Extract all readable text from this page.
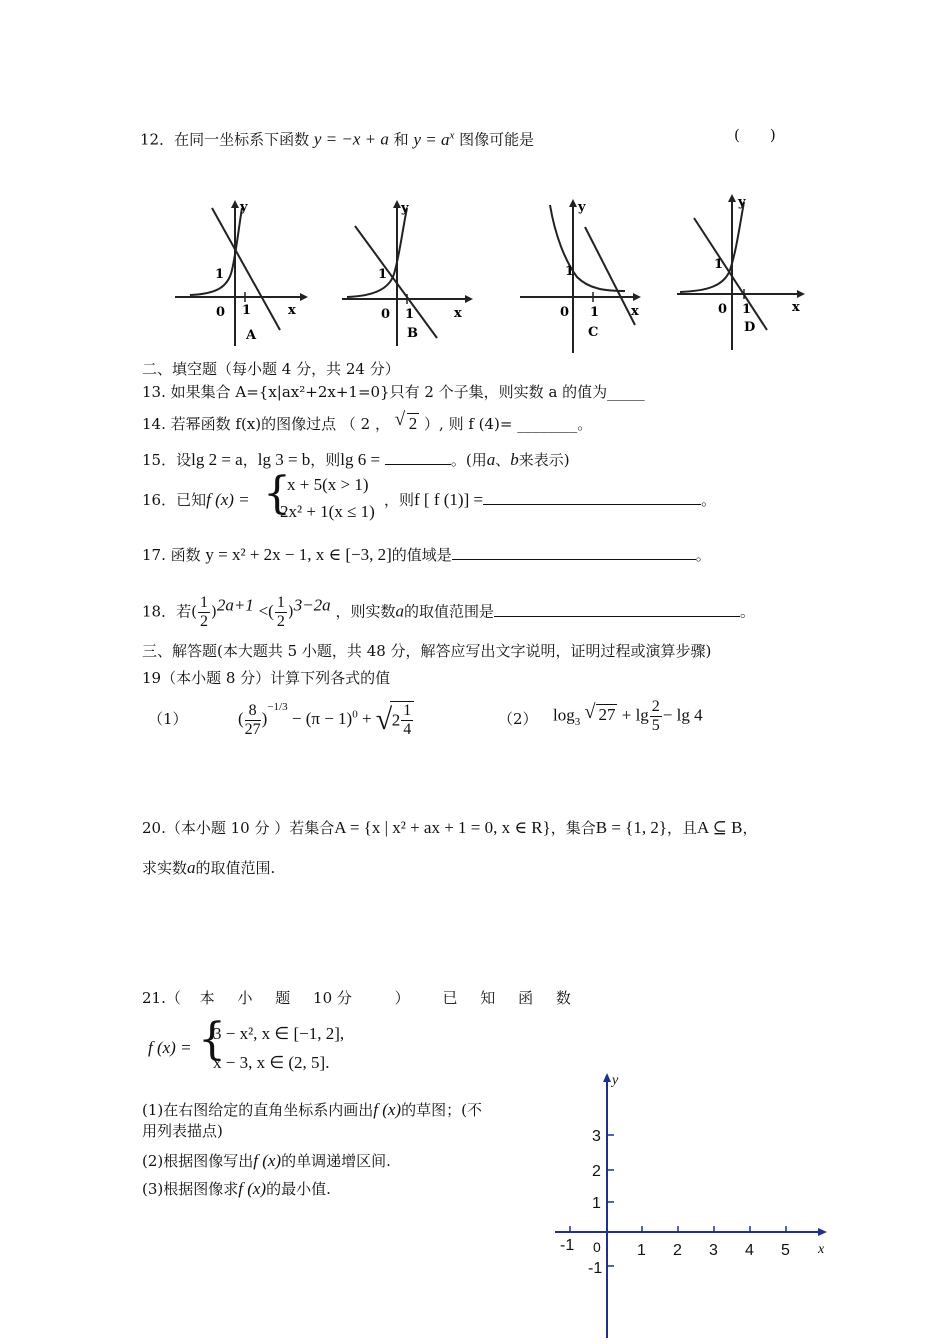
12．在同一坐标系下函数 y = −x + a 和 $y = a^x$ 图像可能是	(　　)
y
x
1
0 1
A
y
x
1
0 1
B
y
x
1
0 1
C
y
x
1
0 1
D
二、填空题（每小题 4 分，共 24 分）
13. 如果集合 A={x|ax²+2x+1=0}只有 2 个子集，则实数 a 的值为_____
14. 若幂函数 f(x)的图像过点 （ 2 ， √ 2 ）, 则 f (4)= ________。
15．设lg 2 = a，lg 3 = b，则lg 6 =	。(用a、b来表示)
16．已知f (x) = {
x + 5(x > 1)
2x² + 1(x ≤ 1)
，则f [ f (1)] =	。
17. 函数 y = x² + 2x − 1, x ∈ [−3, 2]的值域是	。
18．若( $\frac{1}{2} )^{2a+1}$ <( $\frac{1}{2} )^{3-2a}$ ，则实数a的取值范围是	。
三、解答题(本大题共 5 小题，共 48 分，解答应写出文字说明，证明过程或演算步骤)
19（本小题 8 分）计算下列各式的值
（1）	( $\frac{8}{27} )^{-1/3} - (\pi - 1)^0$ + √ $2 \frac{1}{4}$	（2） $\log_3$ √ $27 + \lg \frac{2}{5} - \lg 4$
20.（本小题 10 分 ）若集合A = {x | x² + ax + 1 = 0, x ∈ R}，集合B = {1, 2}，且A ⊆ B，
求实数a的取值范围.
21.（ 本 小 题 10 分	） 已 知 函 数
f (x) = {
3 − x², x ∈ [−1, 2],
x − 3, x ∈ (2, 5].
(1)在右图给定的直角坐标系内画出f (x)的草图；(不
用列表描点)
(2)根据图像写出f (x)的单调递增区间.
(3)根据图像求f (x)的最小值.
y
x
-1 0 1 2 3 4 5
3
2
1
-1
